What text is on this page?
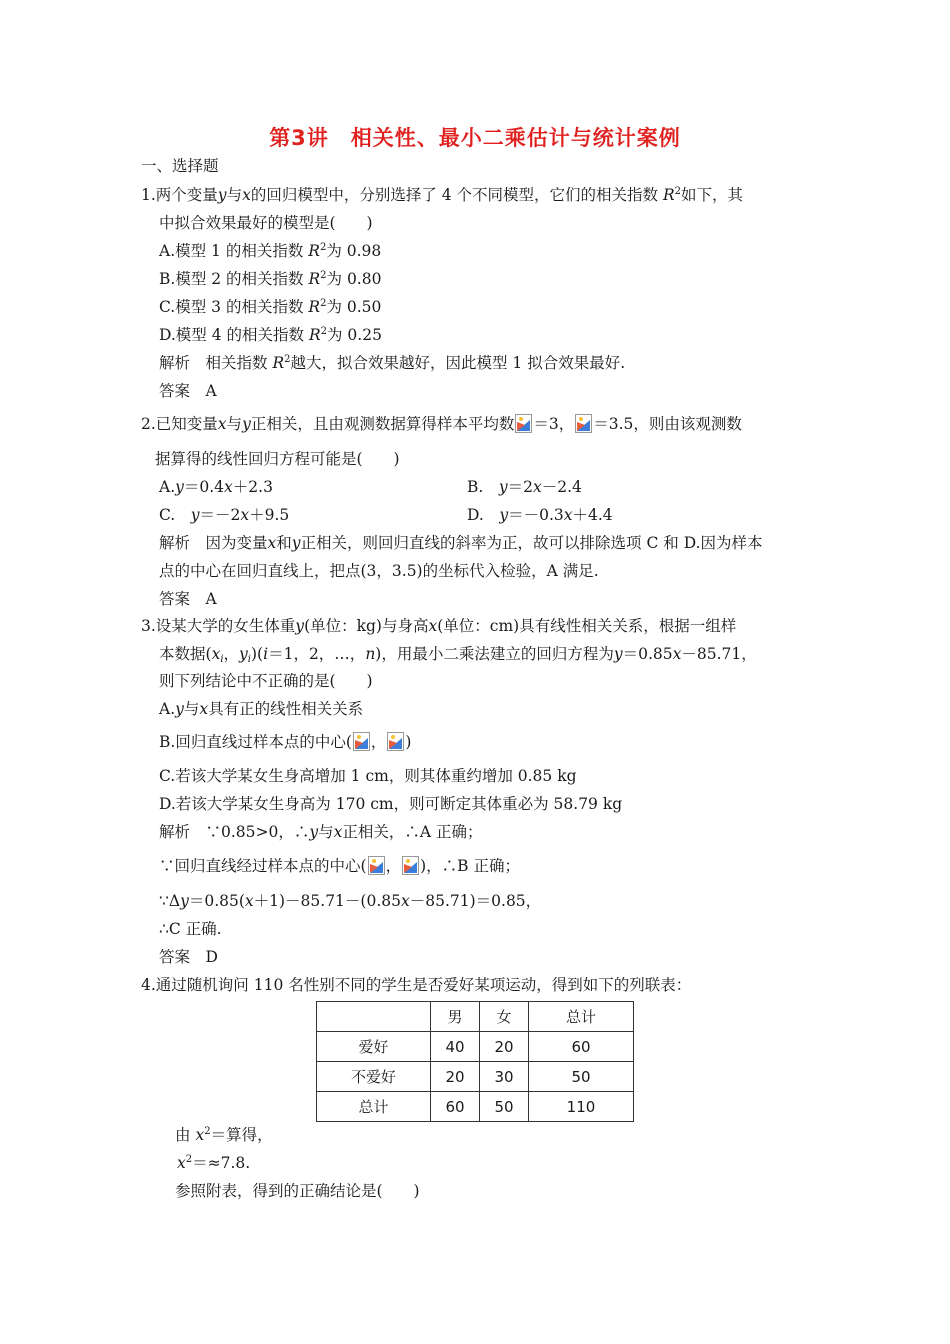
第3讲　相关性、最小二乘估计与统计案例
一、选择题
1.两个变量y与x的回归模型中，分别选择了 4 个不同模型，它们的相关指数 $R^2$如下，其
中拟合效果最好的模型是(　　)
A.模型 1 的相关指数 $R^2$为 0.98
B.模型 2 的相关指数 $R^2$为 0.80
C.模型 3 的相关指数 $R^2$为 0.50
D.模型 4 的相关指数 $R^2$为 0.25
解析　相关指数 $R^2$越大，拟合效果越好，因此模型 1 拟合效果最好.
答案　A
2.已知变量x与y正相关，且由观测数据算得样本平均数 ＝3， ＝3.5，则由该观测数
据算得的线性回归方程可能是(　　)
A.y＝0.4x＋2.3	B.　y＝2x－2.4
C.　y＝－2x＋9.5	D.　y＝－0.3x＋4.4
解析　因为变量x和y正相关，则回归直线的斜率为正，故可以排除选项 C 和 D.因为样本
点的中心在回归直线上，把点(3，3.5)的坐标代入检验，A 满足.
答案　A
3.设某大学的女生体重y(单位：kg)与身高x(单位：cm)具有线性相关关系，根据一组样
本数据($x_i$，$y_i)(i=1$，2，…，n)，用最小二乘法建立的回归方程为y＝0.85x－85.71，
则下列结论中不正确的是(　　)
A.y与x具有正的线性相关关系
B.回归直线过样本点的中心( ， )
C.若该大学某女生身高增加 1 cm，则其体重约增加 0.85 kg
D.若该大学某女生身高为 170 cm，则可断定其体重必为 58.79 kg
解析　∵0.85>0，∴y与x正相关，∴A 正确；
∵回归直线经过样本点的中心( ， )，∴B 正确；
∵Δy＝0.85(x＋1)－85.71－(0.85x－85.71)＝0.85，
∴C 正确.
答案　D
4.通过随机询问 110 名性别不同的学生是否爱好某项运动，得到如下的列联表：
	男	女	总计
爱好	40	20	60
不爱好	20	30	50
总计	60	50	110
由 $x^2=$算得，
$x^2=\approx 7.8$.
参照附表，得到的正确结论是(　　)
